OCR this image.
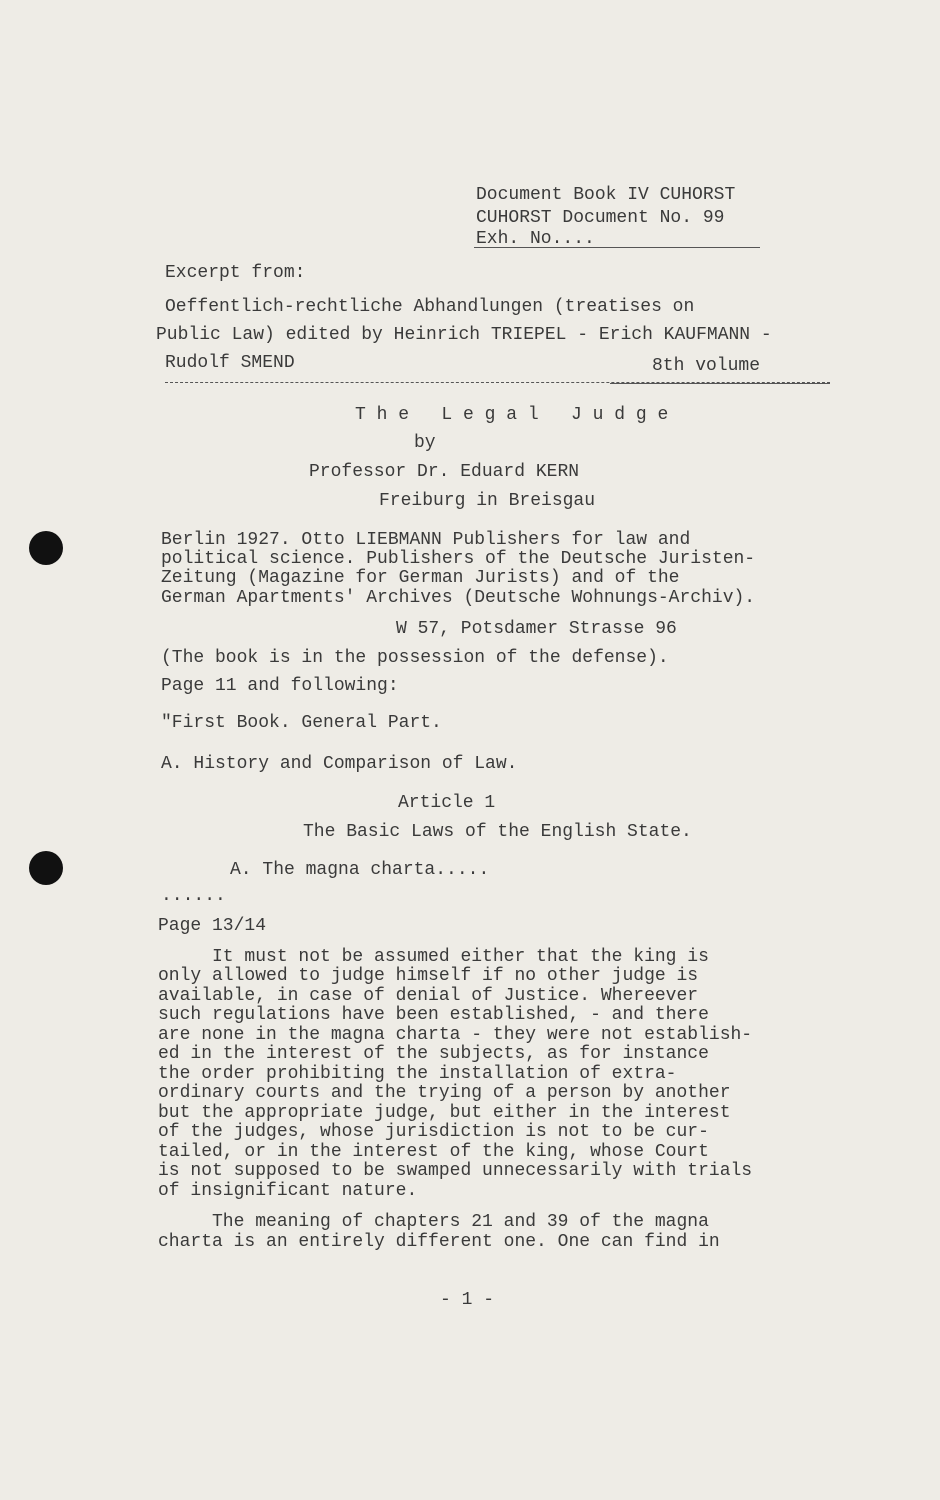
Document Book IV CUHORST
CUHORST Document No. 99
Exh. No....
Excerpt from:
Oeffentlich-rechtliche Abhandlungen (treatises on
Public Law) edited by Heinrich TRIEPEL - Erich KAUFMANN -
Rudolf SMEND	8th volume
T h e   L e g a l   J u d g e
by
Professor Dr. Eduard KERN
Freiburg in Breisgau
Berlin 1927. Otto LIEBMANN Publishers for law and
political science. Publishers of the Deutsche Juristen-
Zeitung (Magazine for German Jurists) and of the
German Apartments' Archives (Deutsche Wohnungs-Archiv).
W 57, Potsdamer Strasse 96
(The book is in the possession of the defense).
Page 11 and following:
"First Book. General Part.
A. History and Comparison of Law.
Article 1
The Basic Laws of the English State.
A. The magna charta.....
......
Page 13/14
It must not be assumed either that the king is
only allowed to judge himself if no other judge is
available, in case of denial of Justice. Whereever
such regulations have been established, - and there
are none in the magna charta - they were not establish-
ed in the interest of the subjects, as for instance
the order prohibiting the installation of extra-
ordinary courts and the trying of a person by another
but the appropriate judge, but either in the interest
of the judges, whose jurisdiction is not to be cur-
tailed, or in the interest of the king, whose Court
is not supposed to be swamped unnecessarily with trials
of insignificant nature.
The meaning of chapters 21 and 39 of the magna
charta is an entirely different one. One can find in
- 1 -
